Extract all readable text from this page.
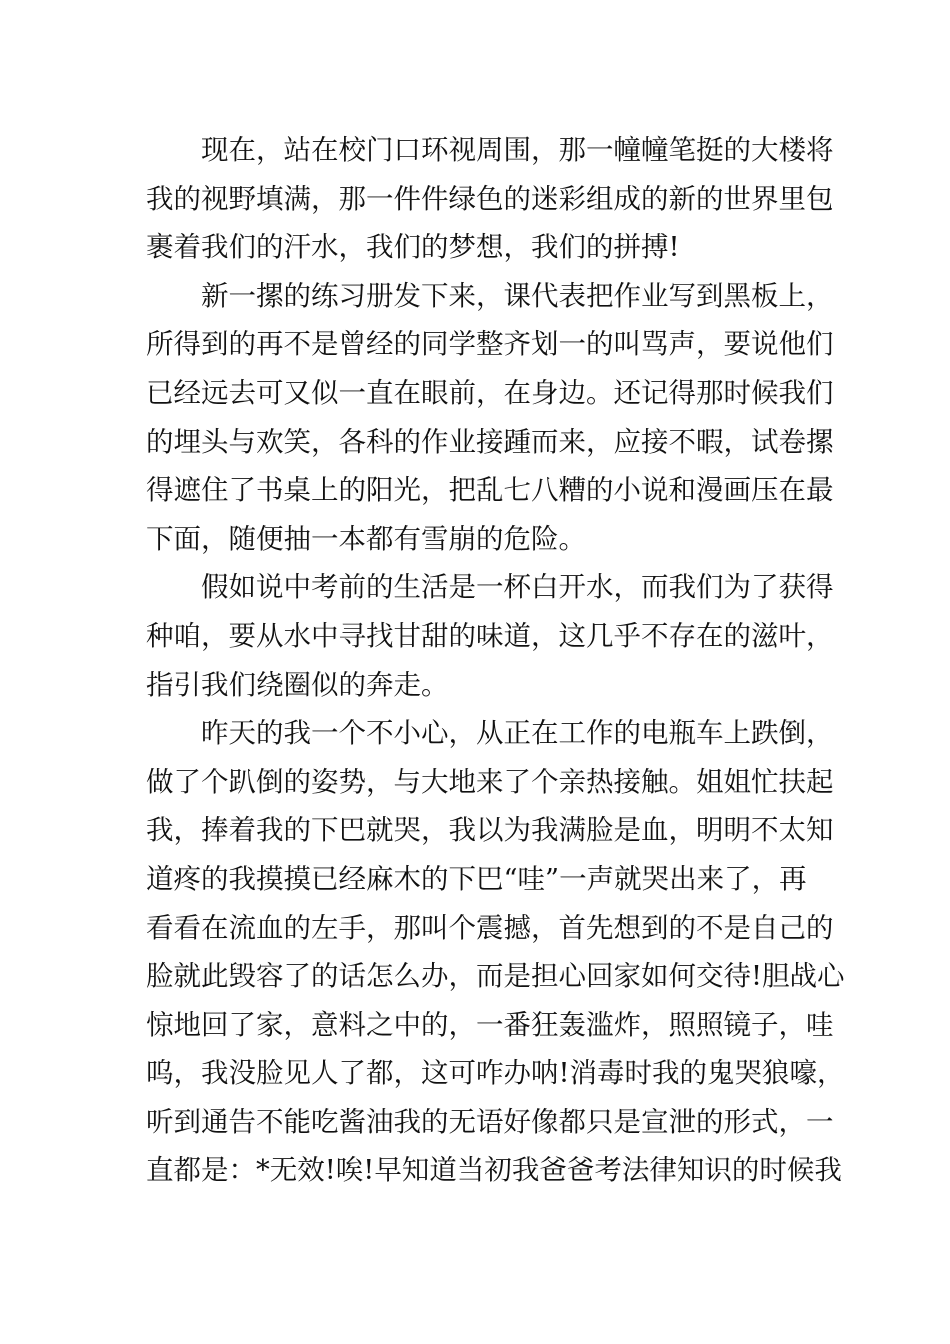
现在，站在校门口环视周围，那一幢幢笔挺的大楼将
我的视野填满，那一件件绿色的迷彩组成的新的世界里包
裹着我们的汗水，我们的梦想，我们的拼搏!
新一摞的练习册发下来，课代表把作业写到黑板上，
所得到的再不是曾经的同学整齐划一的叫骂声，要说他们
已经远去可又似一直在眼前，在身边。还记得那时候我们
的埋头与欢笑，各科的作业接踵而来，应接不暇，试卷摞
得遮住了书桌上的阳光，把乱七八糟的小说和漫画压在最
下面，随便抽一本都有雪崩的危险。
假如说中考前的生活是一杯白开水，而我们为了获得
种咱，要从水中寻找甘甜的味道，这几乎不存在的滋叶，
指引我们绕圈似的奔走。
昨天的我一个不小心，从正在工作的电瓶车上跌倒，
做了个趴倒的姿势，与大地来了个亲热接触。姐姐忙扶起
我，捧着我的下巴就哭，我以为我满脸是血，明明不太知
道疼的我摸摸已经麻木的下巴“哇”一声就哭出来了，再
看看在流血的左手，那叫个震撼，首先想到的不是自己的
脸就此毁容了的话怎么办，而是担心回家如何交待!胆战心
惊地回了家，意料之中的，一番狂轰滥炸，照照镜子，哇
呜，我没脸见人了都，这可咋办呐!消毒时我的鬼哭狼嚎，
听到通告不能吃酱油我的无语好像都只是宣泄的形式，一
直都是：*无效!唉!早知道当初我爸爸考法律知识的时候我
